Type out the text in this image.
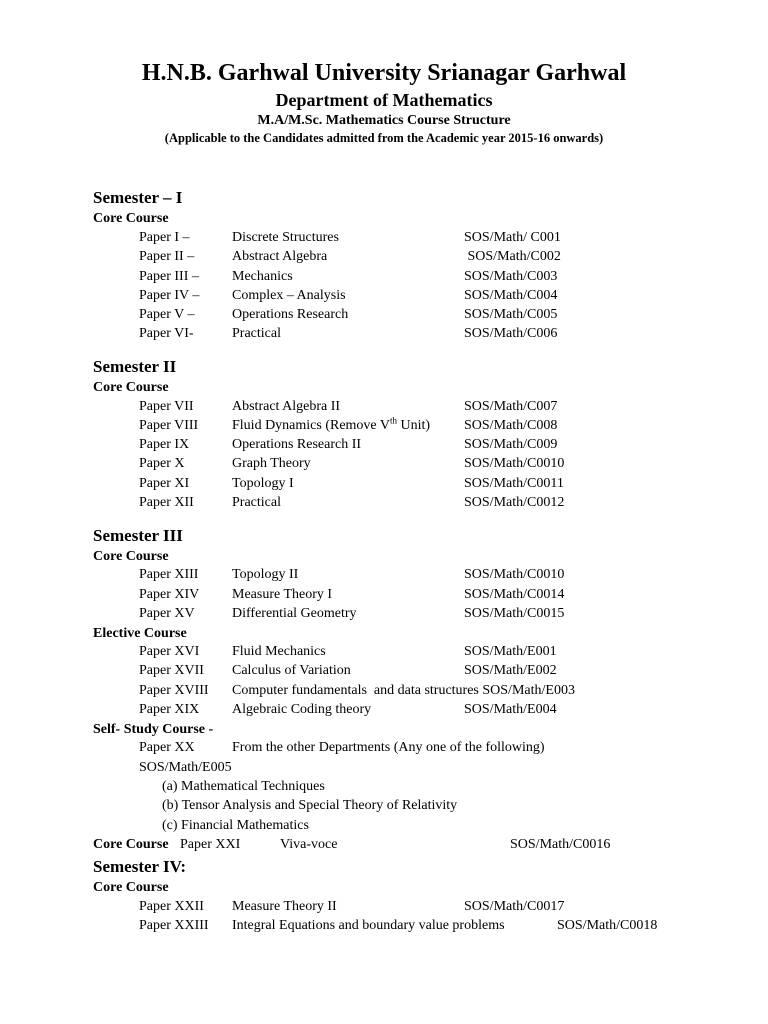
H.N.B. Garhwal University Srianagar Garhwal
Department of Mathematics
M.A/M.Sc. Mathematics Course Structure
(Applicable to the Candidates admitted from the Academic year 2015-16 onwards)
Semester – I
Core Course
Paper I –	Discrete Structures	SOS/Math/ C001
Paper II –	Abstract Algebra	SOS/Math/C002
Paper III – Mechanics	SOS/Math/C003
Paper IV – Complex – Analysis	SOS/Math/C004
Paper V –	Operations Research	SOS/Math/C005
Paper VI-	Practical	SOS/Math/C006
Semester II
Core Course
Paper VII	Abstract Algebra II	SOS/Math/C007
Paper VIII Fluid Dynamics (Remove Vth Unit) SOS/Math/C008
Paper IX	Operations Research II	SOS/Math/C009
Paper X	Graph Theory	SOS/Math/C0010
Paper XI	Topology I	SOS/Math/C0011
Paper XII	Practical	SOS/Math/C0012
Semester III
Core Course
Paper XIII Topology II	SOS/Math/C0010
Paper XIV Measure Theory I	SOS/Math/C0014
Paper XV	Differential Geometry	SOS/Math/C0015
Elective Course
Paper XVI Fluid Mechanics	SOS/Math/E001
Paper XVII Calculus of Variation	SOS/Math/E002
Paper XVIII Computer fundamentals  and data structures SOS/Math/E003
Paper XIX Algebraic Coding theory	SOS/Math/E004
Self- Study Course -
Paper XX	From the other Departments (Any one of the following)
SOS/Math/E005
(a) Mathematical Techniques
(b) Tensor Analysis and Special Theory of Relativity
(c) Financial Mathematics
Core Course Paper XXI	Viva-voce	SOS/Math/C0016
Semester IV:
Core Course
Paper XXII Measure Theory II	SOS/Math/C0017
Paper XXIII Integral Equations and boundary value problems	SOS/Math/C0018
